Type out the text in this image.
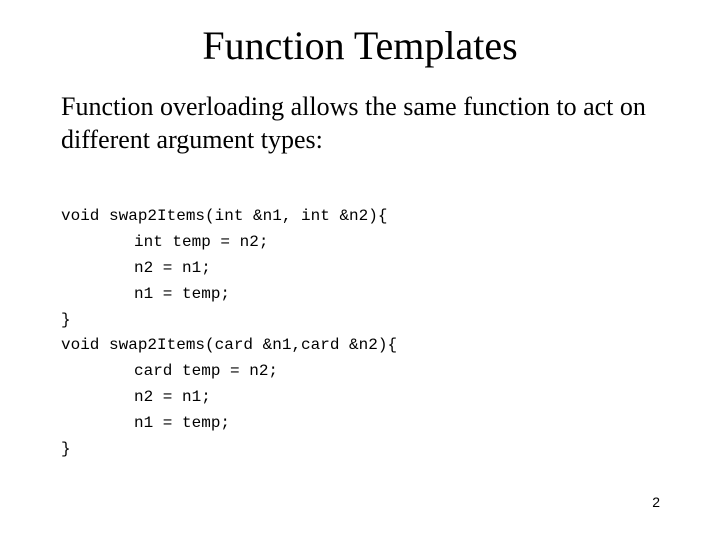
Function Templates

Function overloading allows the same function to act on different argument types:

void swap2Items(int &n1, int &n2){
int temp = n2;
n2 = n1;
n1 = temp;
}
void swap2Items(card &n1,card &n2){
card temp = n2;
n2 = n1;
n1 = temp;
}
2
